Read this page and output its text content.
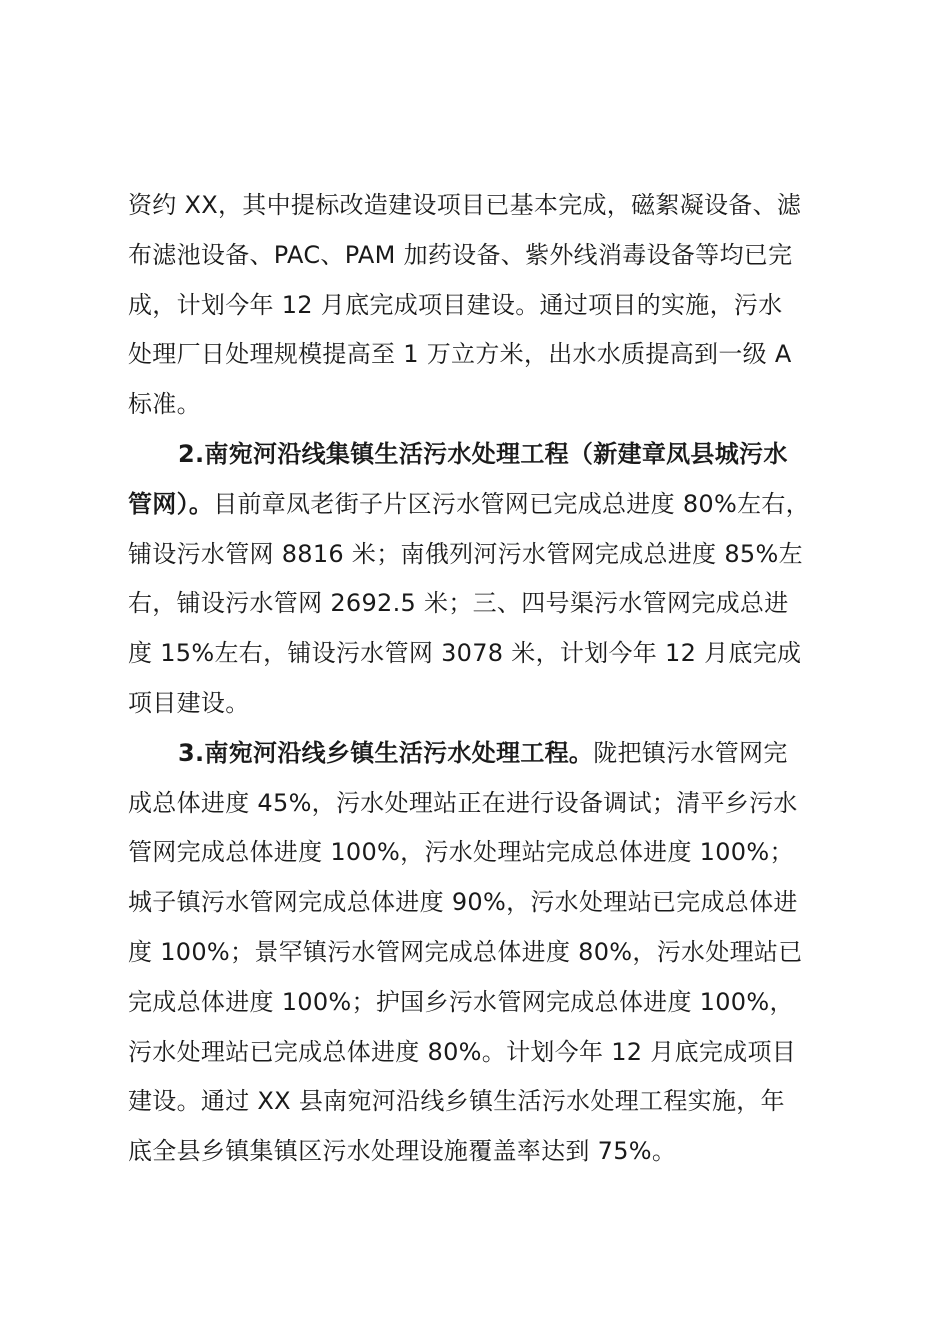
资约 XX，其中提标改造建设项目已基本完成，磁絮凝设备、滤
布滤池设备、PAC、PAM 加药设备、紫外线消毒设备等均已完
成，计划今年 12 月底完成项目建设。通过项目的实施，污水
处理厂日处理规模提高至 1 万立方米，出水水质提高到一级 A
标准。
2.南宛河沿线集镇生活污水处理工程（新建章凤县城污水
管网）。目前章凤老街子片区污水管网已完成总进度 80%左右，
铺设污水管网 8816 米；南俄列河污水管网完成总进度 85%左
右，铺设污水管网 2692.5 米；三、四号渠污水管网完成总进
度 15%左右，铺设污水管网 3078 米，计划今年 12 月底完成
项目建设。
3.南宛河沿线乡镇生活污水处理工程。陇把镇污水管网完
成总体进度 45%，污水处理站正在进行设备调试；清平乡污水
管网完成总体进度 100%，污水处理站完成总体进度 100%；
城子镇污水管网完成总体进度 90%，污水处理站已完成总体进
度 100%；景罕镇污水管网完成总体进度 80%，污水处理站已
完成总体进度 100%；护国乡污水管网完成总体进度 100%，
污水处理站已完成总体进度 80%。计划今年 12 月底完成项目
建设。通过 XX 县南宛河沿线乡镇生活污水处理工程实施，年
底全县乡镇集镇区污水处理设施覆盖率达到 75%。
